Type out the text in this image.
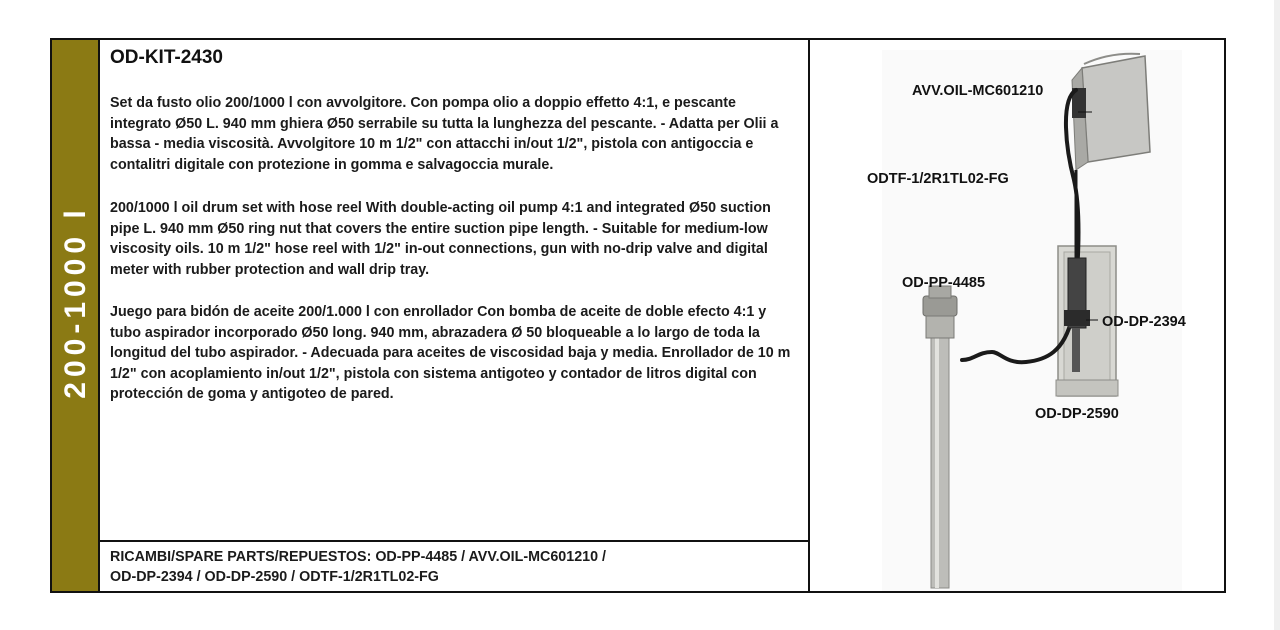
200-1000 l
OD-KIT-2430

Set da fusto olio 200/1000 l con avvolgitore. Con pompa olio a doppio effetto 4:1, e pescante integrato Ø50 L. 940 mm ghiera Ø50 serrabile su tutta la lunghezza del pescante. - Adatta per Olii a bassa - media viscosità. Avvolgitore 10 m 1/2" con attacchi in/out 1/2", pistola con antigoccia e contalitri digitale con protezione in gomma e salvagoccia murale.

200/1000 l oil drum set with hose reel With double-acting oil pump 4:1 and integrated Ø50 suction pipe L. 940 mm Ø50 ring nut that covers the entire suction pipe length. - Suitable for medium-low viscosity oils. 10 m 1/2" hose reel with 1/2" in-out connections, gun with no-drip valve and digital meter with rubber protection and wall drip tray.

Juego para bidón de aceite 200/1.000 l con enrollador Con bomba de aceite de doble efecto 4:1 y tubo aspirador incorporado Ø50 long. 940 mm, abrazadera Ø 50 bloqueable a lo largo de toda la longitud del tubo aspirador. - Adecuada para aceites de viscosidad baja y media. Enrollador de 10 m 1/2" con acoplamiento in/out 1/2", pistola con sistema antigoteo y contador de litros digital con protección de goma y antigoteo de pared.

RICAMBI/SPARE PARTS/REPUESTOS: OD-PP-4485 / AVV.OIL-MC601210 /
OD-DP-2394 / OD-DP-2590 / ODTF-1/2R1TL02-FG

AVV.OIL-MC601210
ODTF-1/2R1TL02-FG
OD-PP-4485
OD-DP-2394
OD-DP-2590
